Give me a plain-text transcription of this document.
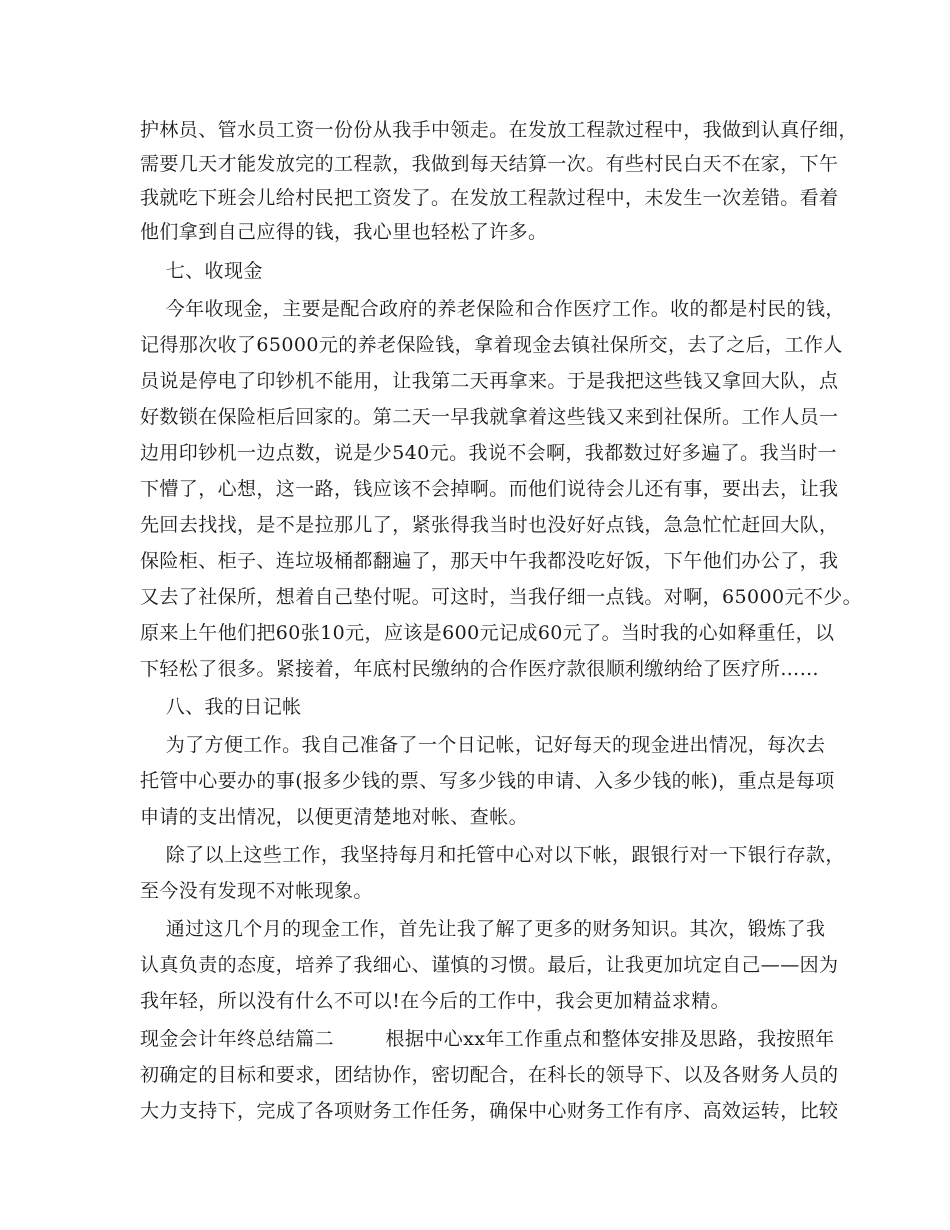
护林员、管水员工资一份份从我手中领走。在发放工程款过程中，我做到认真仔细，
需要几天才能发放完的工程款，我做到每天结算一次。有些村民白天不在家，下午
我就吃下班会儿给村民把工资发了。在发放工程款过程中，未发生一次差错。看着
他们拿到自己应得的钱，我心里也轻松了许多。
七、收现金
今年收现金，主要是配合政府的养老保险和合作医疗工作。收的都是村民的钱，
记得那次收了65000元的养老保险钱，拿着现金去镇社保所交，去了之后，工作人
员说是停电了印钞机不能用，让我第二天再拿来。于是我把这些钱又拿回大队，点
好数锁在保险柜后回家的。第二天一早我就拿着这些钱又来到社保所。工作人员一
边用印钞机一边点数，说是少540元。我说不会啊，我都数过好多遍了。我当时一
下懵了，心想，这一路，钱应该不会掉啊。而他们说待会儿还有事，要出去，让我
先回去找找，是不是拉那儿了，紧张得我当时也没好好点钱，急急忙忙赶回大队，
保险柜、柜子、连垃圾桶都翻遍了，那天中午我都没吃好饭，下午他们办公了，我
又去了社保所，想着自己垫付呢。可这时，当我仔细一点钱。对啊，65000元不少。
原来上午他们把60张10元，应该是600元记成60元了。当时我的心如释重任，以
下轻松了很多。紧接着，年底村民缴纳的合作医疗款很顺利缴纳给了医疗所……
八、我的日记帐
为了方便工作。我自己准备了一个日记帐，记好每天的现金进出情况，每次去
托管中心要办的事(报多少钱的票、写多少钱的申请、入多少钱的帐)，重点是每项
申请的支出情况，以便更清楚地对帐、查帐。
除了以上这些工作，我坚持每月和托管中心对以下帐，跟银行对一下银行存款，
至今没有发现不对帐现象。
通过这几个月的现金工作，首先让我了解了更多的财务知识。其次，锻炼了我
认真负责的态度，培养了我细心、谨慎的习惯。最后，让我更加坑定自己——因为
我年轻，所以没有什么不可以!在今后的工作中，我会更加精益求精。
现金会计年终总结篇二        根据中心xx年工作重点和整体安排及思路，我按照年
初确定的目标和要求，团结协作，密切配合，在科长的领导下、以及各财务人员的
大力支持下，完成了各项财务工作任务，确保中心财务工作有序、高效运转，比较
